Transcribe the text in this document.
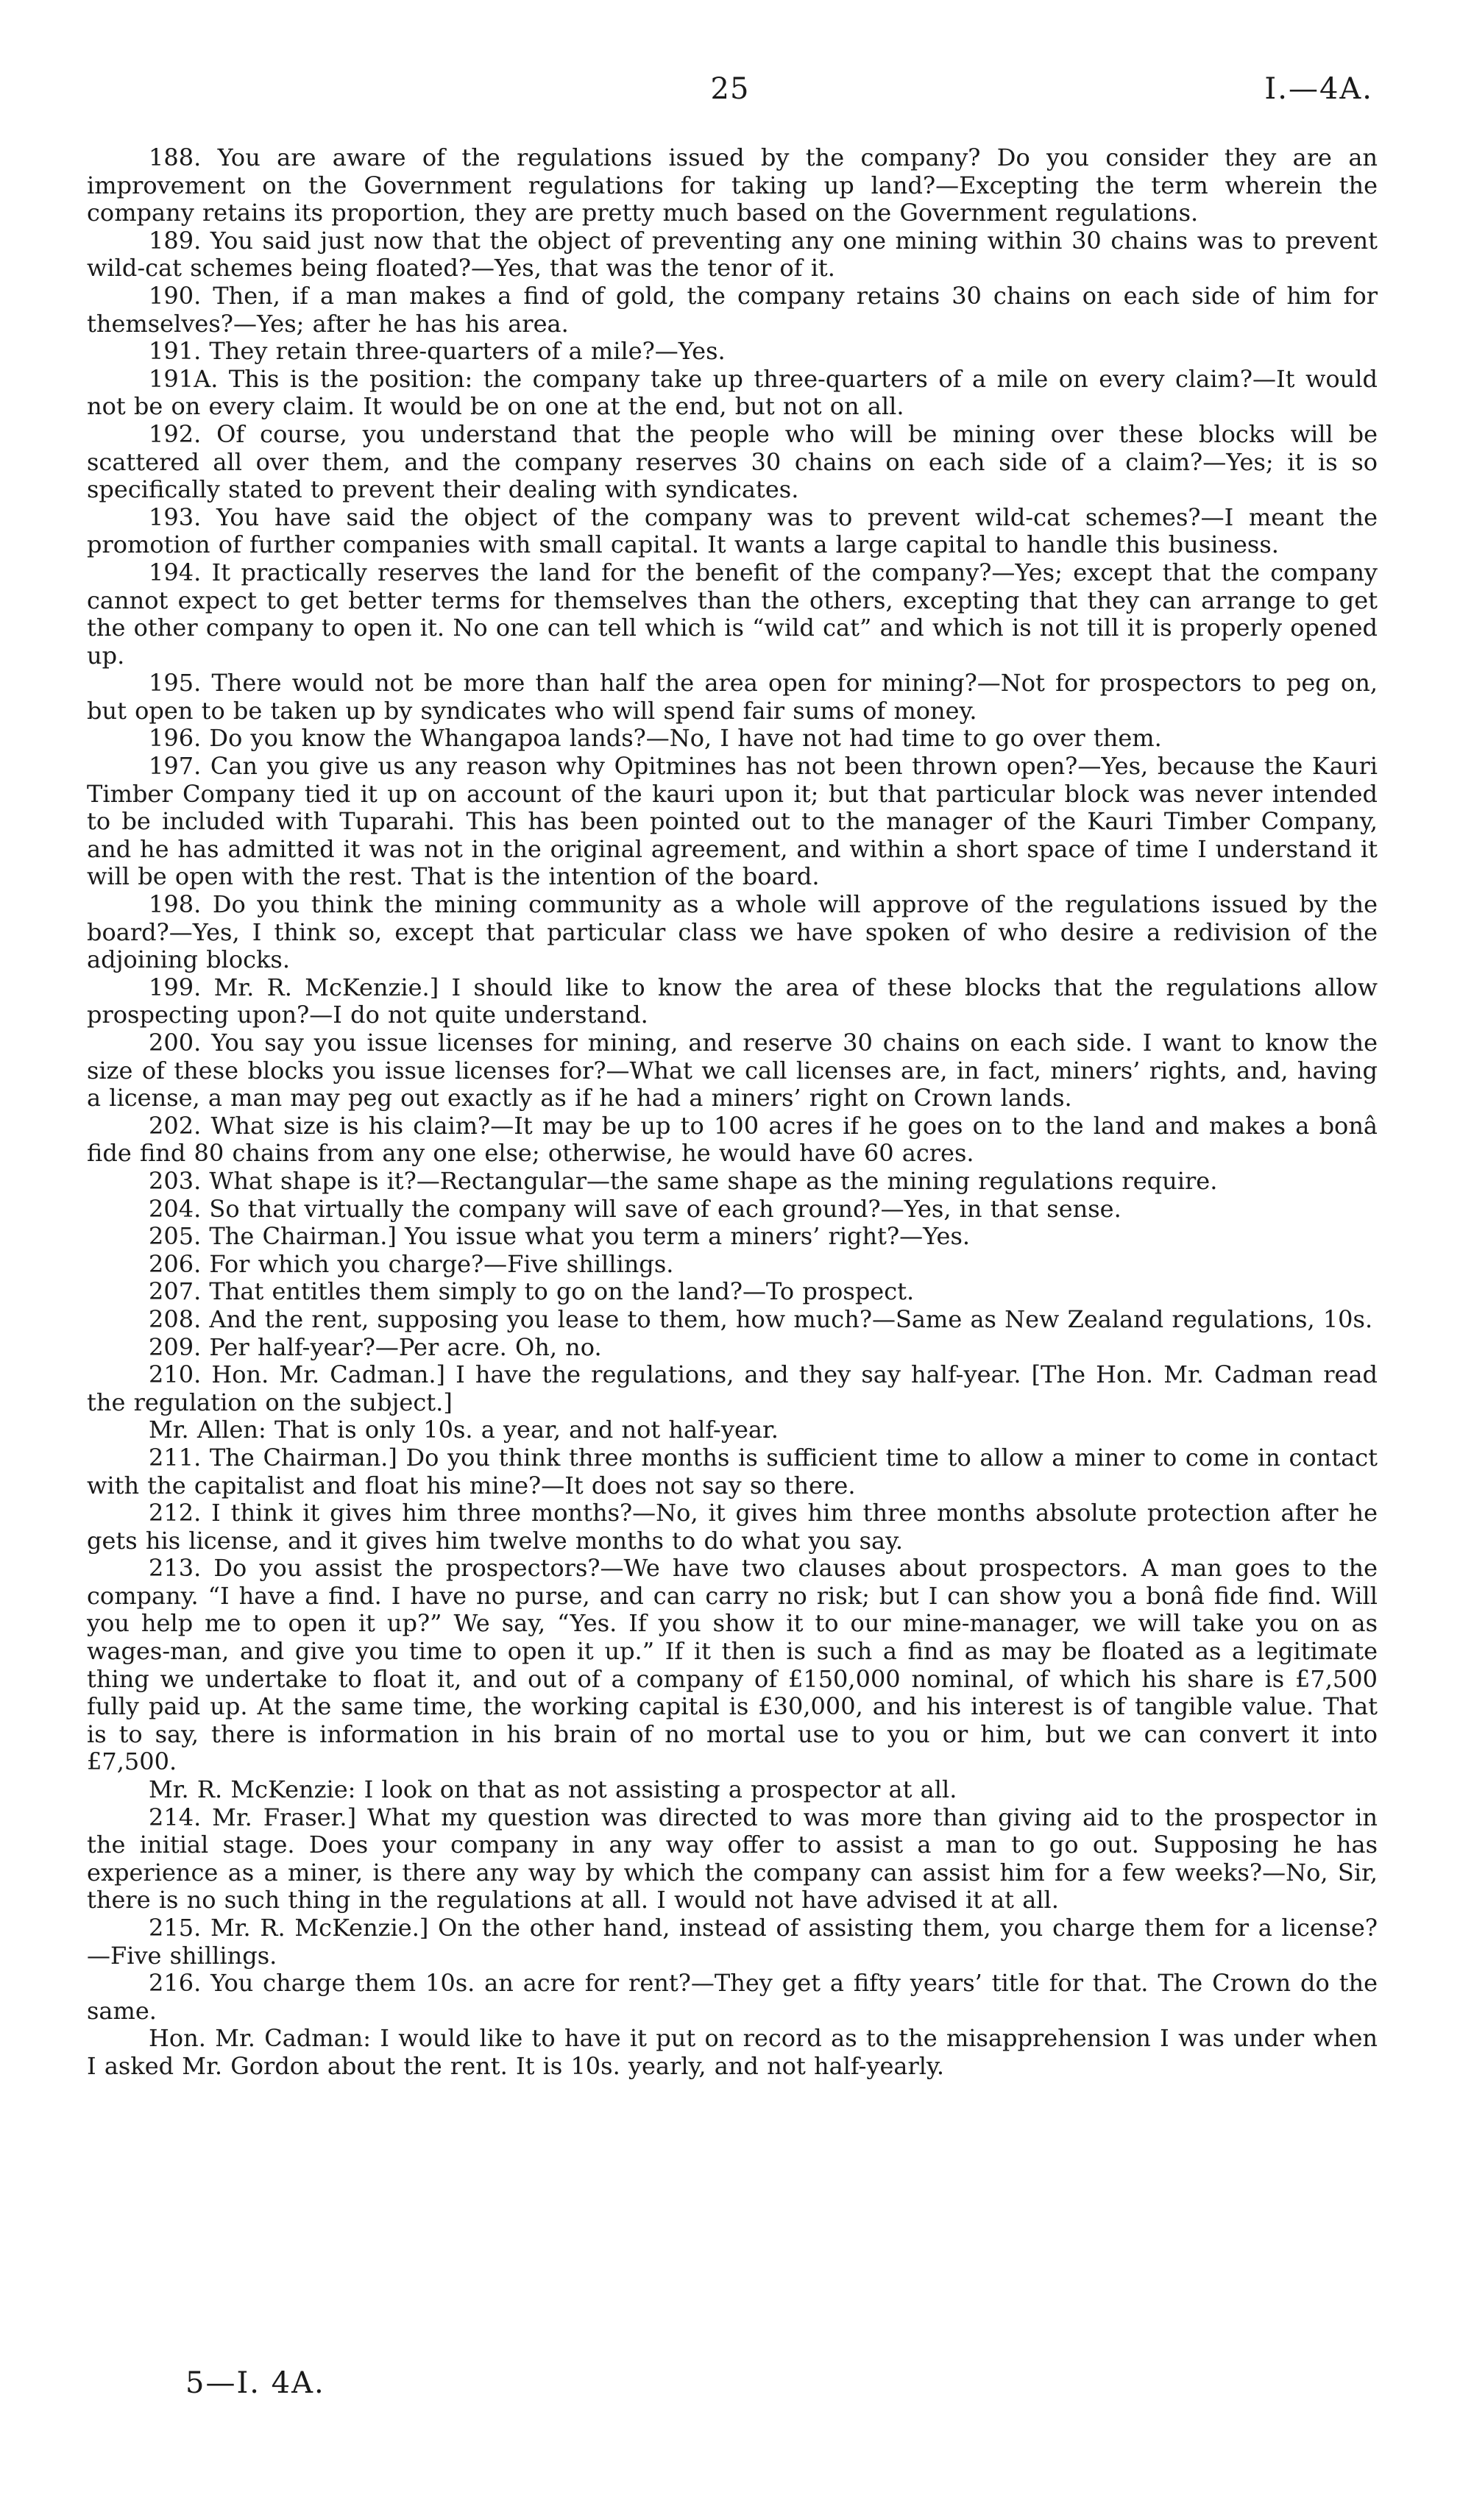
25	I.—4A.

188. You are aware of the regulations issued by the company? Do you consider they are an improvement on the Government regulations for taking up land?—Excepting the term wherein the company retains its proportion, they are pretty much based on the Government regulations.

189. You said just now that the object of preventing any one mining within 30 chains was to prevent wild-cat schemes being floated?—Yes, that was the tenor of it.

190. Then, if a man makes a find of gold, the company retains 30 chains on each side of him for themselves?—Yes; after he has his area.

191. They retain three-quarters of a mile?—Yes.

191A. This is the position: the company take up three-quarters of a mile on every claim?—It would not be on every claim. It would be on one at the end, but not on all.

192. Of course, you understand that the people who will be mining over these blocks will be scattered all over them, and the company reserves 30 chains on each side of a claim?—Yes; it is so specifically stated to prevent their dealing with syndicates.

193. You have said the object of the company was to prevent wild-cat schemes?—I meant the promotion of further companies with small capital. It wants a large capital to handle this business.

194. It practically reserves the land for the benefit of the company?—Yes; except that the company cannot expect to get better terms for themselves than the others, excepting that they can arrange to get the other company to open it. No one can tell which is “wild cat” and which is not till it is properly opened up.

195. There would not be more than half the area open for mining?—Not for prospectors to peg on, but open to be taken up by syndicates who will spend fair sums of money.

196. Do you know the Whangapoa lands?—No, I have not had time to go over them.

197. Can you give us any reason why Opitmines has not been thrown open?—Yes, because the Kauri Timber Company tied it up on account of the kauri upon it; but that particular block was never intended to be included with Tuparahi. This has been pointed out to the manager of the Kauri Timber Company, and he has admitted it was not in the original agreement, and within a short space of time I understand it will be open with the rest. That is the intention of the board.

198. Do you think the mining community as a whole will approve of the regulations issued by the board?—Yes, I think so, except that particular class we have spoken of who desire a redivision of the adjoining blocks.

199. Mr. R. McKenzie.] I should like to know the area of these blocks that the regulations allow prospecting upon?—I do not quite understand.

200. You say you issue licenses for mining, and reserve 30 chains on each side. I want to know the size of these blocks you issue licenses for?—What we call licenses are, in fact, miners’ rights, and, having a license, a man may peg out exactly as if he had a miners’ right on Crown lands.

202. What size is his claim?—It may be up to 100 acres if he goes on to the land and makes a bonâ fide find 80 chains from any one else; otherwise, he would have 60 acres.

203. What shape is it?—Rectangular—the same shape as the mining regulations require.

204. So that virtually the company will save of each ground?—Yes, in that sense.

205. The Chairman.] You issue what you term a miners’ right?—Yes.

206. For which you charge?—Five shillings.

207. That entitles them simply to go on the land?—To prospect.

208. And the rent, supposing you lease to them, how much?—Same as New Zealand regulations, 10s.

209. Per half-year?—Per acre. Oh, no.

210. Hon. Mr. Cadman.] I have the regulations, and they say half-year. [The Hon. Mr. Cadman read the regulation on the subject.]

Mr. Allen: That is only 10s. a year, and not half-year.

211. The Chairman.] Do you think three months is sufficient time to allow a miner to come in contact with the capitalist and float his mine?—It does not say so there.

212. I think it gives him three months?—No, it gives him three months absolute protection after he gets his license, and it gives him twelve months to do what you say.

213. Do you assist the prospectors?—We have two clauses about prospectors. A man goes to the company. “I have a find. I have no purse, and can carry no risk; but I can show you a bonâ fide find. Will you help me to open it up?” We say, “Yes. If you show it to our mine-manager, we will take you on as wages-man, and give you time to open it up.” If it then is such a find as may be floated as a legitimate thing we undertake to float it, and out of a company of £150,000 nominal, of which his share is £7,500 fully paid up. At the same time, the working capital is £30,000, and his interest is of tangible value. That is to say, there is information in his brain of no mortal use to you or him, but we can convert it into £7,500.

Mr. R. McKenzie: I look on that as not assisting a prospector at all.

214. Mr. Fraser.] What my question was directed to was more than giving aid to the prospector in the initial stage. Does your company in any way offer to assist a man to go out. Supposing he has experience as a miner, is there any way by which the company can assist him for a few weeks?—No, Sir, there is no such thing in the regulations at all. I would not have advised it at all.

215. Mr. R. McKenzie.] On the other hand, instead of assisting them, you charge them for a license?—Five shillings.

216. You charge them 10s. an acre for rent?—They get a fifty years’ title for that. The Crown do the same.

Hon. Mr. Cadman: I would like to have it put on record as to the misapprehension I was under when I asked Mr. Gordon about the rent. It is 10s. yearly, and not half-yearly.

5—I. 4A.
